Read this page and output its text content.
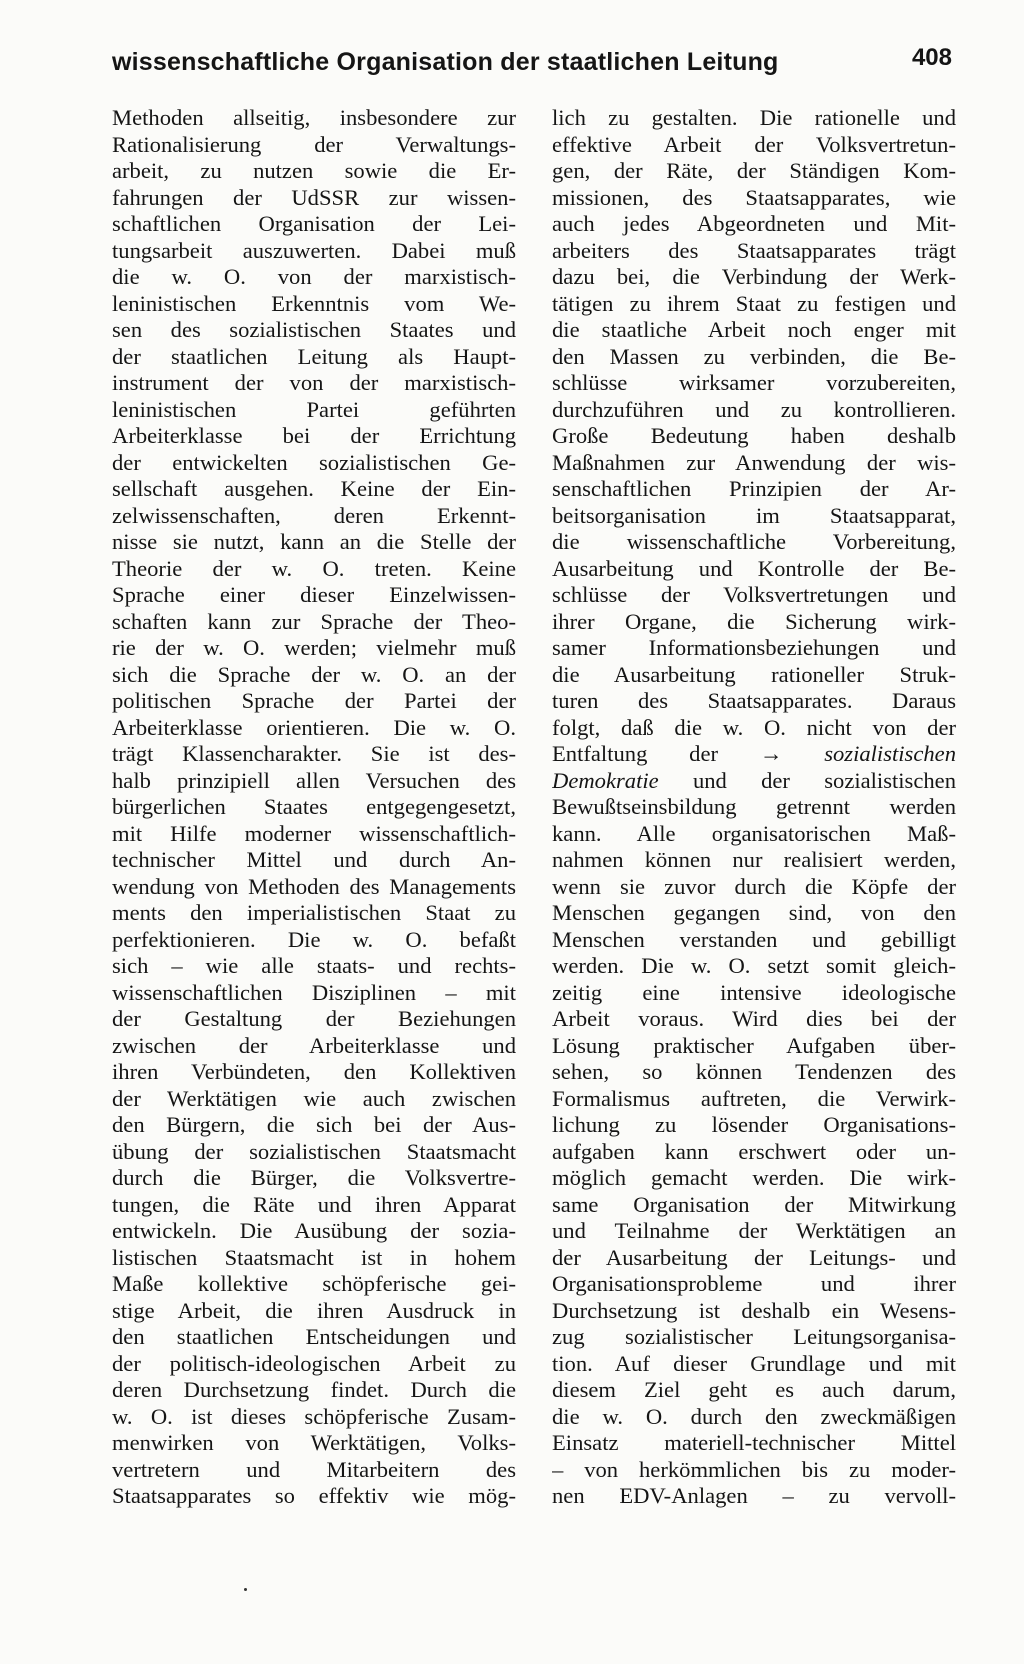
wissenschaftliche Organisation der staatlichen Leitung	408
Methoden allseitig, insbesondere zur
Rationalisierung der Verwaltungs-
arbeit, zu nutzen sowie die Er-
fahrungen der UdSSR zur wissen-
schaftlichen Organisation der Lei-
tungsarbeit auszuwerten. Dabei muß
die w. O. von der marxistisch-
leninistischen Erkenntnis vom We-
sen des sozialistischen Staates und
der staatlichen Leitung als Haupt-
instrument der von der marxistisch-
leninistischen Partei geführten
Arbeiterklasse bei der Errichtung
der entwickelten sozialistischen Ge-
sellschaft ausgehen. Keine der Ein-
zelwissenschaften, deren Erkennt-
nisse sie nutzt, kann an die Stelle der
Theorie der w. O. treten. Keine
Sprache einer dieser Einzelwissen-
schaften kann zur Sprache der Theo-
rie der w. O. werden; vielmehr muß
sich die Sprache der w. O. an der
politischen Sprache der Partei der
Arbeiterklasse orientieren. Die w. O.
trägt Klassencharakter. Sie ist des-
halb prinzipiell allen Versuchen des
bürgerlichen Staates entgegengesetzt,
mit Hilfe moderner wissenschaftlich-
technischer Mittel und durch An-
wendung von Methoden des Managements
ments den imperialistischen Staat zu
perfektionieren. Die w. O. befaßt
sich – wie alle staats- und rechts-
wissenschaftlichen Disziplinen – mit
der Gestaltung der Beziehungen
zwischen der Arbeiterklasse und
ihren Verbündeten, den Kollektiven
der Werktätigen wie auch zwischen
den Bürgern, die sich bei der Aus-
übung der sozialistischen Staatsmacht
durch die Bürger, die Volksvertre-
tungen, die Räte und ihren Apparat
entwickeln. Die Ausübung der sozia-
listischen Staatsmacht ist in hohem
Maße kollektive schöpferische gei-
stige Arbeit, die ihren Ausdruck in
den staatlichen Entscheidungen und
der politisch-ideologischen Arbeit zu
deren Durchsetzung findet. Durch die
w. O. ist dieses schöpferische Zusam-
menwirken von Werktätigen, Volks-
vertretern und Mitarbeitern des
Staatsapparates so effektiv wie mög-
lich zu gestalten. Die rationelle und
effektive Arbeit der Volksvertretun-
gen, der Räte, der Ständigen Kom-
missionen, des Staatsapparates, wie
auch jedes Abgeordneten und Mit-
arbeiters des Staatsapparates trägt
dazu bei, die Verbindung der Werk-
tätigen zu ihrem Staat zu festigen und
die staatliche Arbeit noch enger mit
den Massen zu verbinden, die Be-
schlüsse wirksamer vorzubereiten,
durchzuführen und zu kontrollieren.
Große Bedeutung haben deshalb
Maßnahmen zur Anwendung der wis-
senschaftlichen Prinzipien der Ar-
beitsorganisation im Staatsapparat,
die wissenschaftliche Vorbereitung,
Ausarbeitung und Kontrolle der Be-
schlüsse der Volksvertretungen und
ihrer Organe, die Sicherung wirk-
samer Informationsbeziehungen und
die Ausarbeitung rationeller Struk-
turen des Staatsapparates. Daraus
folgt, daß die w. O. nicht von der
Entfaltung der → sozialistischen
Demokratie und der sozialistischen
Bewußtseinsbildung getrennt werden
kann. Alle organisatorischen Maß-
nahmen können nur realisiert werden,
wenn sie zuvor durch die Köpfe der
Menschen gegangen sind, von den
Menschen verstanden und gebilligt
werden. Die w. O. setzt somit gleich-
zeitig eine intensive ideologische
Arbeit voraus. Wird dies bei der
Lösung praktischer Aufgaben über-
sehen, so können Tendenzen des
Formalismus auftreten, die Verwirk-
lichung zu lösender Organisations-
aufgaben kann erschwert oder un-
möglich gemacht werden. Die wirk-
same Organisation der Mitwirkung
und Teilnahme der Werktätigen an
der Ausarbeitung der Leitungs- und
Organisationsprobleme und ihrer
Durchsetzung ist deshalb ein Wesens-
zug sozialistischer Leitungsorganisa-
tion. Auf dieser Grundlage und mit
diesem Ziel geht es auch darum,
die w. O. durch den zweckmäßigen
Einsatz materiell-technischer Mittel
– von herkömmlichen bis zu moder-
nen EDV-Anlagen – zu vervoll-
